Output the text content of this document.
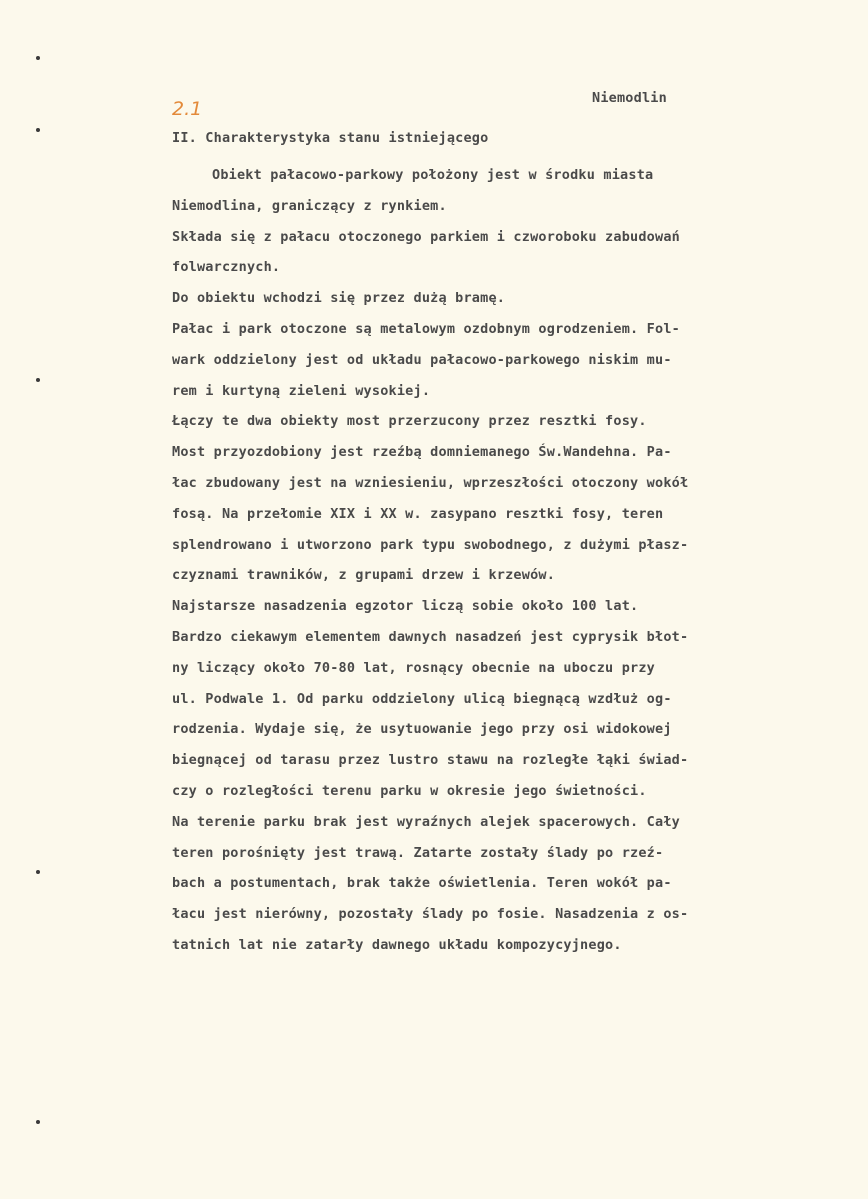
Niemodlin
2.1
II. Charakterystyka stanu istniejącego
Obiekt pałacowo-parkowy położony jest w środku miasta
Niemodlina, graniczący z rynkiem.
Składa się z pałacu otoczonego parkiem i czworoboku zabudowań
folwarcznych.
Do obiektu wchodzi się przez dużą bramę.
Pałac i park otoczone są metalowym ozdobnym ogrodzeniem. Fol-
wark oddzielony jest od układu pałacowo-parkowego niskim mu-
rem i kurtyną zieleni wysokiej.
Łączy te dwa obiekty most przerzucony przez resztki fosy.
Most przyozdobiony jest rzeźbą domniemanego Św.Wandehna. Pa-
łac zbudowany jest na wzniesieniu, wprzeszłości otoczony wokół
fosą. Na przełomie XIX i XX w. zasypano resztki fosy, teren
splendrowano i utworzono park typu swobodnego, z dużymi płasz-
czyznami trawników, z grupami drzew i krzewów.
Najstarsze nasadzenia egzotor liczą sobie około 100 lat.
Bardzo ciekawym elementem dawnych nasadzeń jest cyprysik błot-
ny liczący około 70-80 lat, rosnący obecnie na uboczu przy
ul. Podwale 1. Od parku oddzielony ulicą biegnącą wzdłuż og-
rodzenia. Wydaje się, że usytuowanie jego przy osi widokowej
biegnącej od tarasu przez lustro stawu na rozległe łąki świad-
czy o rozległości terenu parku w okresie jego świetności.
Na terenie parku brak jest wyraźnych alejek spacerowych. Cały
teren porośnięty jest trawą. Zatarte zostały ślady po rzeź-
bach a postumentach, brak także oświetlenia. Teren wokół pa-
łacu jest nierówny, pozostały ślady po fosie. Nasadzenia z os-
tatnich lat nie zatarły dawnego układu kompozycyjnego.
